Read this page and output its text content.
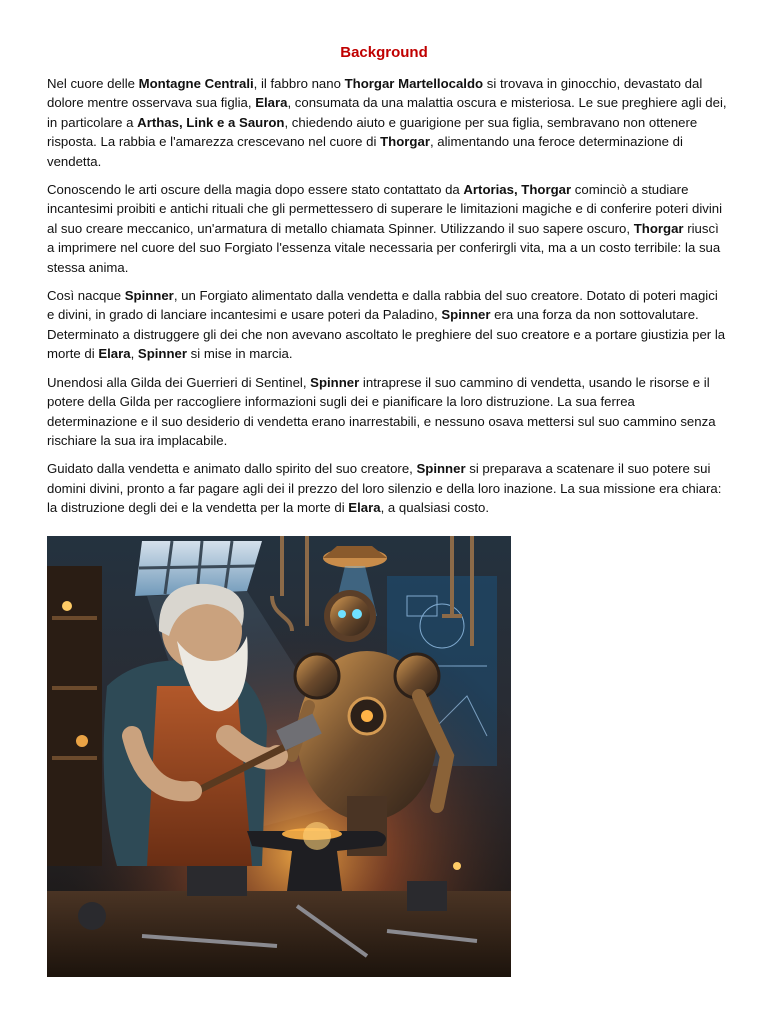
Background

Nel cuore delle Montagne Centrali, il fabbro nano Thorgar Martellocaldo si trovava in ginocchio, devastato dal dolore mentre osservava sua figlia, Elara, consumata da una malattia oscura e misteriosa. Le sue preghiere agli dei, in particolare a Arthas, Link e a Sauron, chiedendo aiuto e guarigione per sua figlia, sembravano non ottenere risposta. La rabbia e l'amarezza crescevano nel cuore di Thorgar, alimentando una feroce determinazione di vendetta.

Conoscendo le arti oscure della magia dopo essere stato contattato da Artorias, Thorgar cominciò a studiare incantesimi proibiti e antichi rituali che gli permettessero di superare le limitazioni magiche e di conferire poteri divini al suo creare meccanico, un'armatura di metallo chiamata Spinner. Utilizzando il suo sapere oscuro, Thorgar riuscì a imprimere nel cuore del suo Forgiato l'essenza vitale necessaria per conferirgli vita, ma a un costo terribile: la sua stessa anima.

Così nacque Spinner, un Forgiato alimentato dalla vendetta e dalla rabbia del suo creatore. Dotato di poteri magici e divini, in grado di lanciare incantesimi e usare poteri da Paladino, Spinner era una forza da non sottovalutare. Determinato a distruggere gli dei che non avevano ascoltato le preghiere del suo creatore e a portare giustizia per la morte di Elara, Spinner si mise in marcia.

Unendosi alla Gilda dei Guerrieri di Sentinel, Spinner intraprese il suo cammino di vendetta, usando le risorse e il potere della Gilda per raccogliere informazioni sugli dei e pianificare la loro distruzione. La sua ferrea determinazione e il suo desiderio di vendetta erano inarrestabili, e nessuno osava mettersi sul suo cammino senza rischiare la sua ira implacabile.

Guidato dalla vendetta e animato dallo spirito del suo creatore, Spinner si preparava a scatenare il suo potere sui domini divini, pronto a far pagare agli dei il prezzo del loro silenzio e della loro inazione. La sua missione era chiara: la distruzione degli dei e la vendetta per la morte di Elara, a qualsiasi costo.
